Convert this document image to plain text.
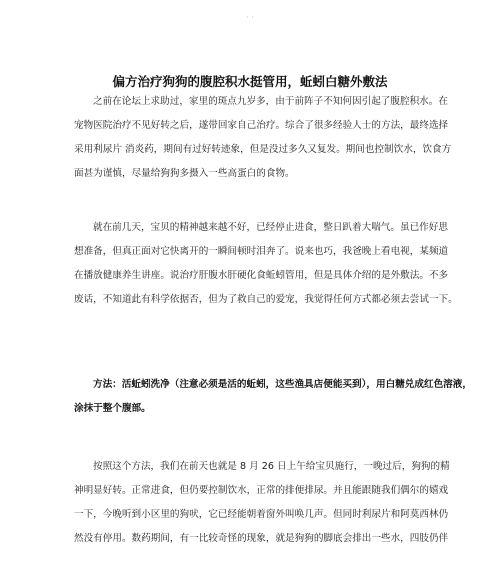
· ·
偏方治疗狗狗的腹腔积水挺管用，蚯蚓白糖外敷法

之前在论坛上求助过，家里的斑点九岁多，由于前阵子不知何因引起了腹腔积水。在
宠物医院治疗不见好转之后，遂带回家自己治疗。综合了很多经验人士的方法，最终选择
采用利尿片 消炎药，期间有过好转迹象，但是没过多久又复发。期间也控制饮水，饮食方
面甚为谨慎，尽量给狗狗多摄入一些高蛋白的食物。

就在前几天，宝贝的精神越来越不好，已经停止进食，整日趴着大喘气。虽已作好思
想准备，但真正面对它快离开的一瞬间顿时泪奔了。说来也巧，我爸晚上看电视，某频道
在播放健康养生讲座。说治疗肝腹水肝硬化食蚯蚓管用，但是具体介绍的是外敷法。不多
废话，不知道此有科学依据否，但为了救自己的爱宠，我觉得任何方式都必须去尝试一下。

方法：活蚯蚓洗净（注意必须是活的蚯蚓，这些渔具店便能买到），用白糖兑成红色溶液，
涂抹于整个腹部。

按照这个方法，我们在前天也就是 8 月 26 日上午给宝贝施行，一晚过后，狗狗的精
神明显好转。正常进食，但仍要控制饮水，正常的排便排尿。并且能跟随我们偶尔的嬉戏
一下，今晚听到小区里的狗吠，它已经能朝着窗外叫唤几声。但同时利尿片和阿莫西林仍
然没有停用。数药期间，有一比较奇怪的现象，就是狗狗的脚底会排出一些水，四肢仍伴
